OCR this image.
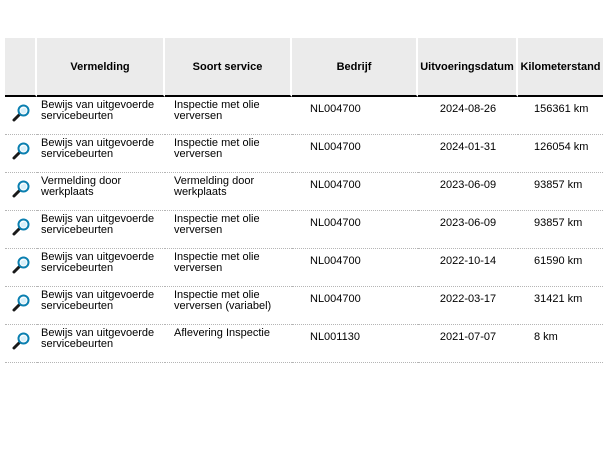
	Vermelding	Soort service	Bedrijf	Uitvoeringsdatum	Kilometerstand

	Bewijs van uitgevoerde servicebeurten	Inspectie met olie verversen	NL004700	2024-08-26	156361 km

	Bewijs van uitgevoerde servicebeurten	Inspectie met olie verversen	NL004700	2024-01-31	126054 km

	Vermelding door werkplaats	Vermelding door werkplaats	NL004700	2023-06-09	93857 km

	Bewijs van uitgevoerde servicebeurten	Inspectie met olie verversen	NL004700	2023-06-09	93857 km

	Bewijs van uitgevoerde servicebeurten	Inspectie met olie verversen	NL004700	2022-10-14	61590 km

	Bewijs van uitgevoerde servicebeurten	Inspectie met olie verversen (variabel)	NL004700	2022-03-17	31421 km

	Bewijs van uitgevoerde servicebeurten	Aflevering Inspectie	NL001130	2021-07-07	8 km
